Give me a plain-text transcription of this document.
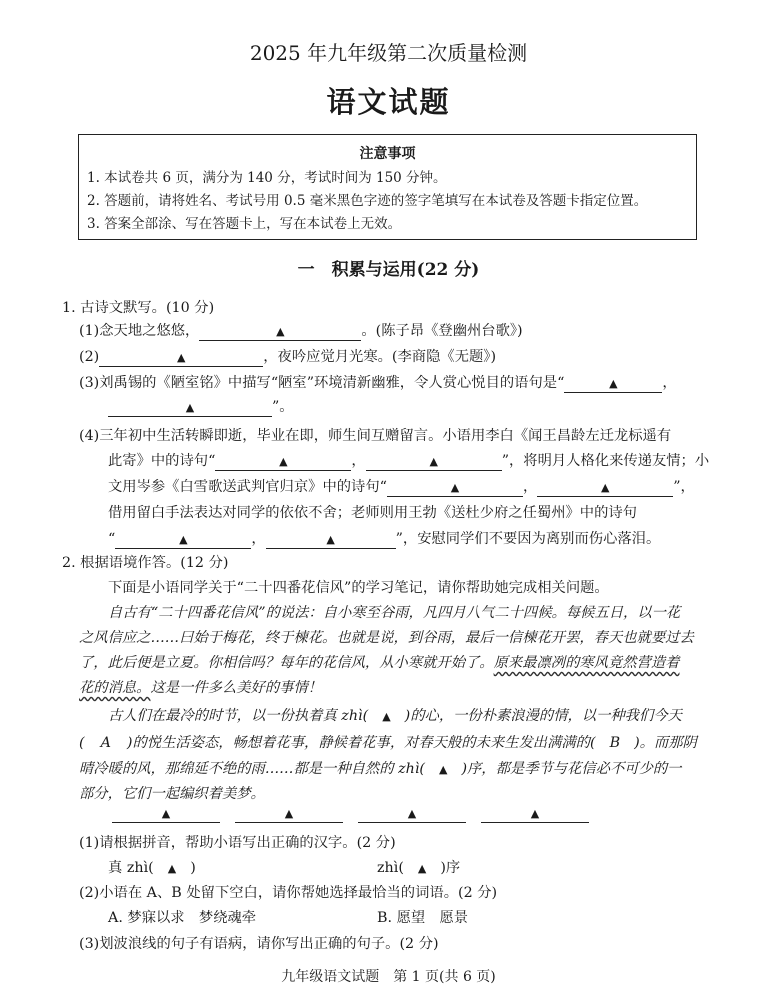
2025 年九年级第二次质量检测
语文试题
注意事项
1. 本试卷共 6 页，满分为 140 分，考试时间为 150 分钟。
2. 答题前，请将姓名、考试号用 0.5 毫米黑色字迹的签字笔填写在本试卷及答题卡指定位置。
3. 答案全部涂、写在答题卡上，写在本试卷上无效。
一　积累与运用(22 分)
1. 古诗文默写。(10 分)
(1)念天地之悠悠，	▲	。(陈子昂《登幽州台歌》)
(2)	▲	，夜吟应觉月光寒。(李商隐《无题》)
(3)刘禹锡的《陋室铭》中描写“陋室”环境清新幽雅，令人赏心悦目的语句是“	▲	，
▲	”。
(4)三年初中生活转瞬即逝，毕业在即，师生间互赠留言。小语用李白《闻王昌龄左迁龙标遥有
此寄》中的诗句“	▲	，	▲	”，将明月人格化来传递友情；小
文用岑参《白雪歌送武判官归京》中的诗句“	▲	，	▲	”，
借用留白手法表达对同学的依依不舍；老师则用王勃《送杜少府之任蜀州》中的诗句
“	▲	，	▲	”，安慰同学们不要因为离别而伤心落泪。
2. 根据语境作答。(12 分)
下面是小语同学关于“二十四番花信风”的学习笔记，请你帮助她完成相关问题。
自古有“二十四番花信风”的说法：自小寒至谷雨，凡四月八气二十四候。每候五日，以一花
之风信应之……曰始于梅花，终于楝花。也就是说，到谷雨，最后一信楝花开罢，春天也就要过去
了，此后便是立夏。你相信吗？每年的花信风，从小寒就开始了。原来最凛冽的寒风竟然营造着
花的消息。这是一件多么美好的事情！
古人们在最冷的时节，以一份执着真 zhì( ▲ )的心，一份朴素浪漫的情，以一种我们今天
( A )的悦生活姿态，畅想着花事，静候着花事，对春天般的未来生发出满满的( B )。而那阴
晴冷暖的风，那绵延不绝的雨……都是一种自然的 zhì( ▲ )序，都是季节与花信必不可少的一
部分，它们一起编织着美梦。
▲	▲	▲	▲
(1)请根据拼音，帮助小语写出正确的汉字。(2 分)
真 zhì( ▲ )	zhì( ▲ )序
(2)小语在 A、B 处留下空白，请你帮她选择最恰当的词语。(2 分)
A. 梦寐以求　梦绕魂牵	B. 愿望　愿景
(3)划波浪线的句子有语病，请你写出正确的句子。(2 分)
九年级语文试题　第 1 页(共 6 页)
